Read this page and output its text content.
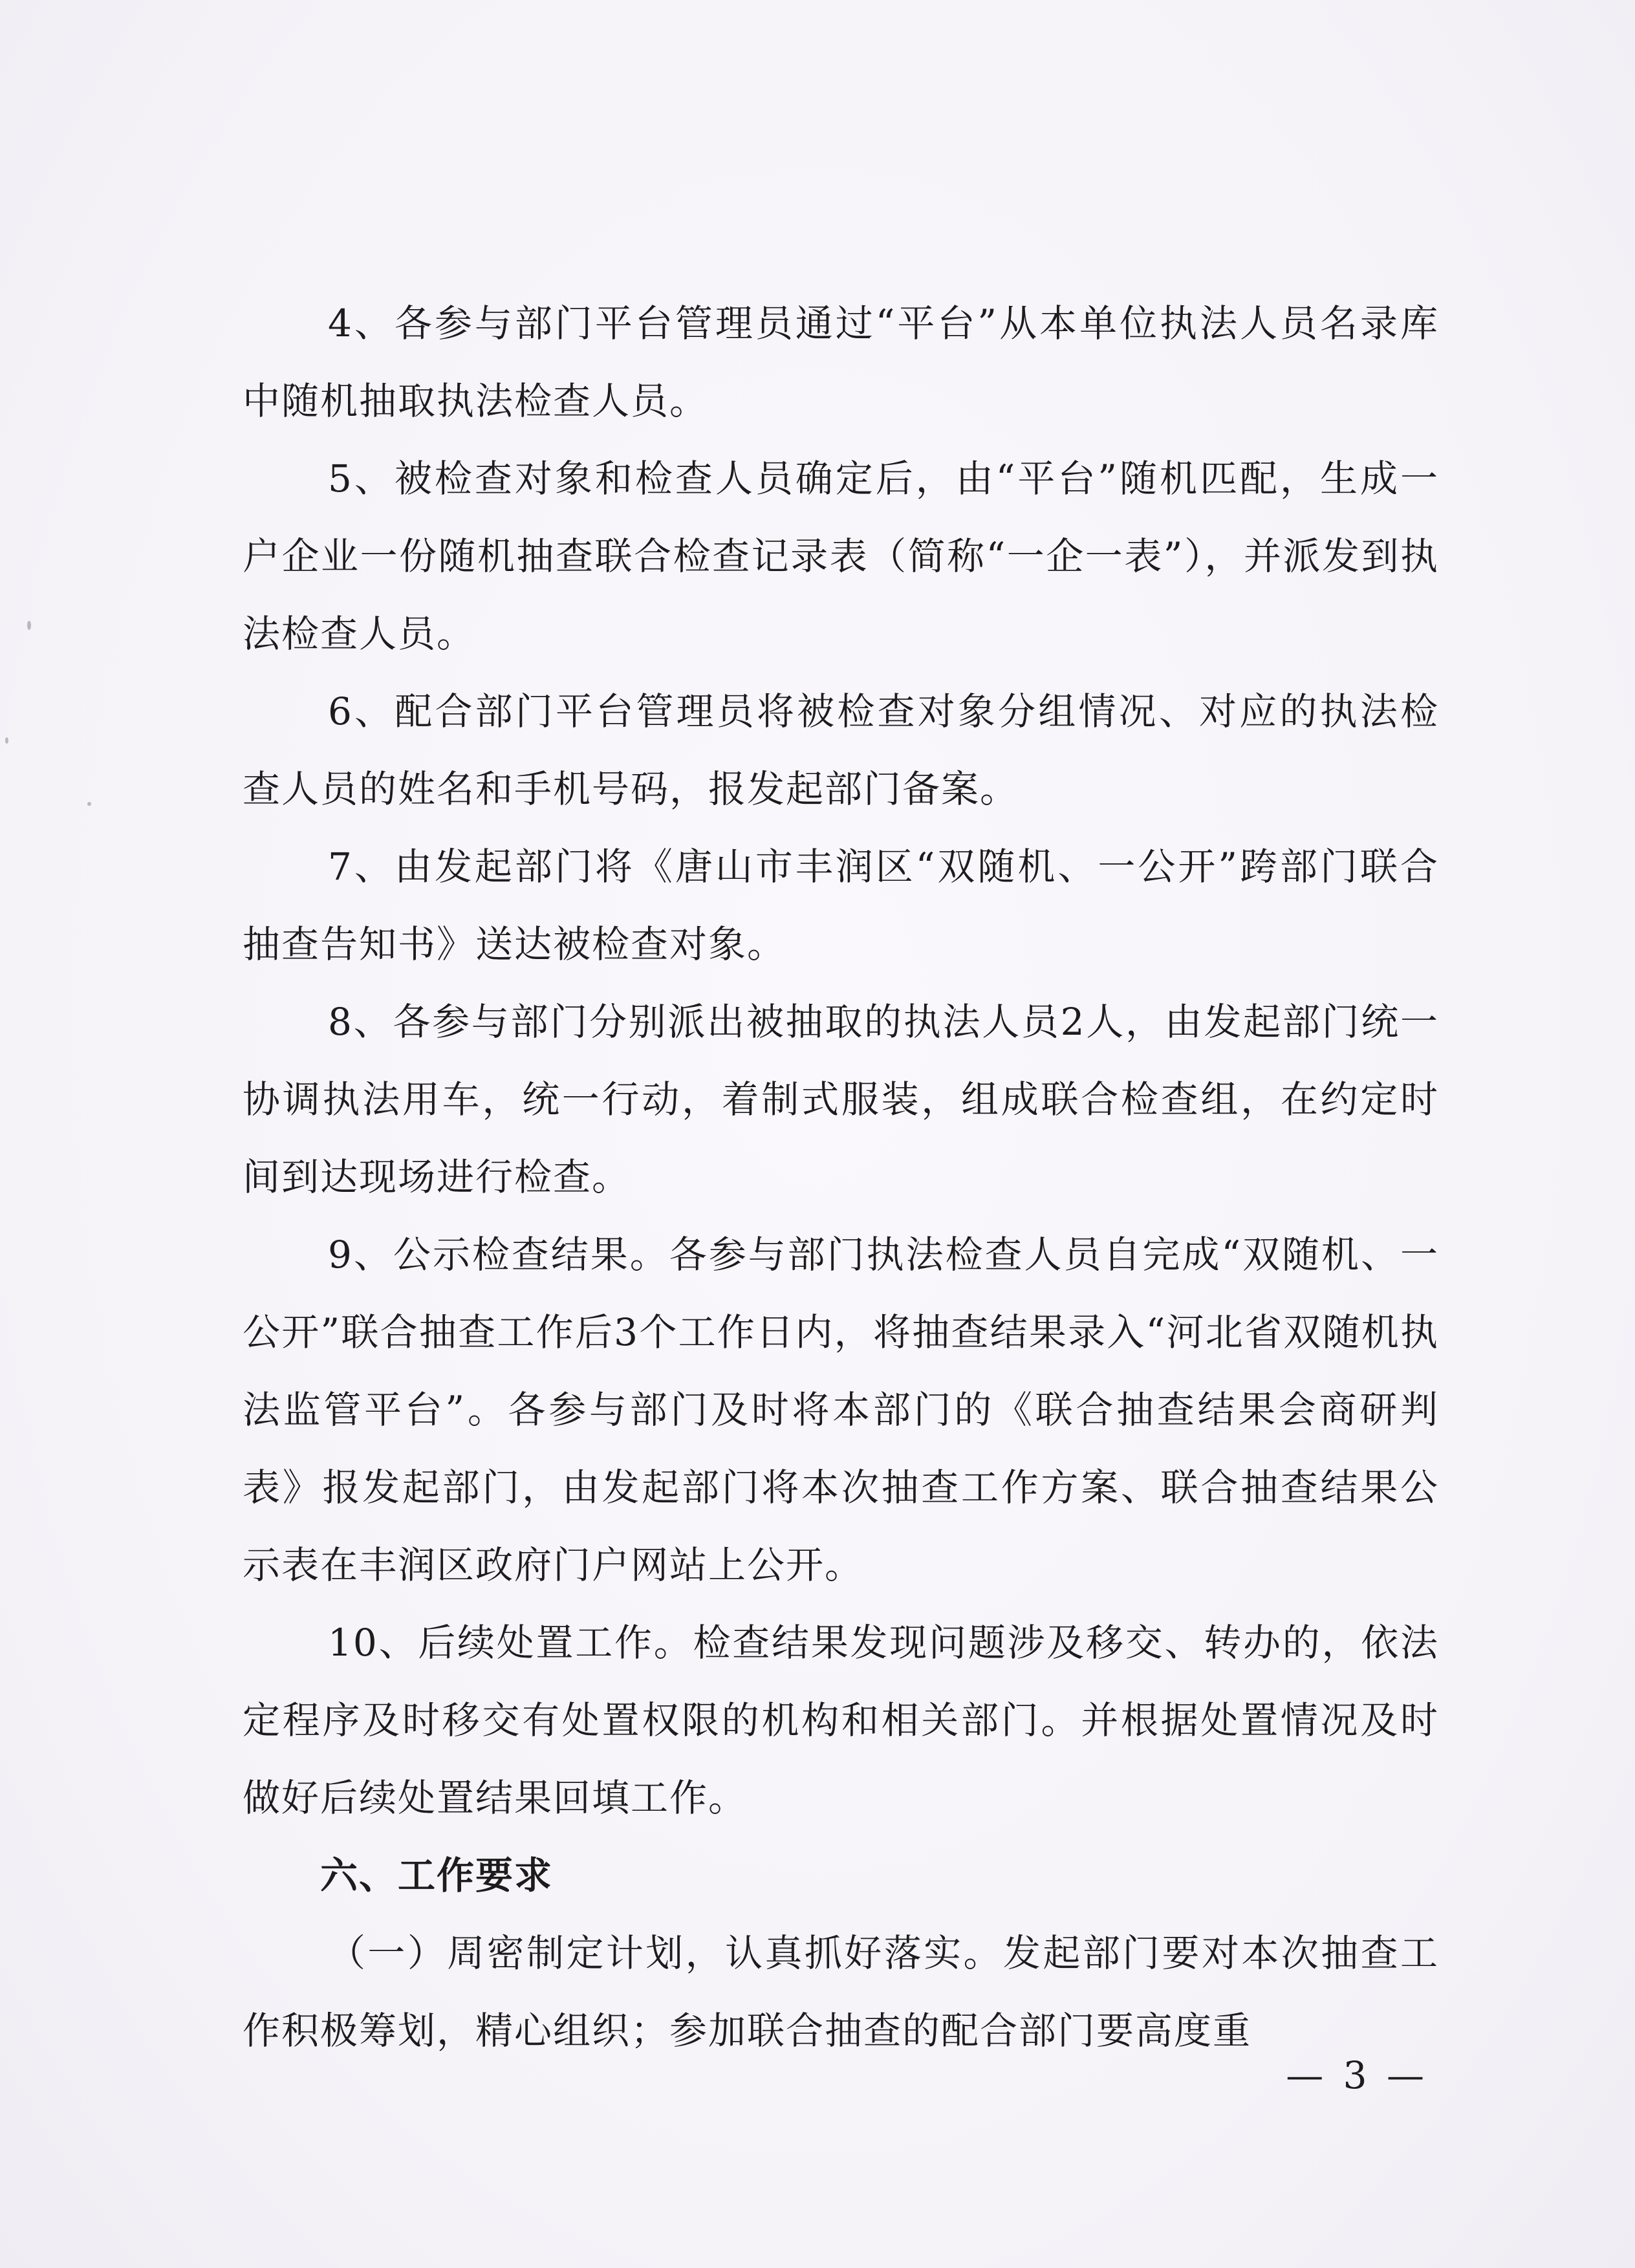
4、各参与部门平台管理员通过“平台”从本单位执法人员名录库中随机抽取执法检查人员。

5、被检查对象和检查人员确定后，由“平台”随机匹配，生成一户企业一份随机抽查联合检查记录表（简称“一企一表”），并派发到执法检查人员。

6、配合部门平台管理员将被检查对象分组情况、对应的执法检查人员的姓名和手机号码，报发起部门备案。

7、由发起部门将《唐山市丰润区“双随机、一公开”跨部门联合抽查告知书》送达被检查对象。

8、各参与部门分别派出被抽取的执法人员2人，由发起部门统一协调执法用车，统一行动，着制式服装，组成联合检查组，在约定时间到达现场进行检查。

9、公示检查结果。各参与部门执法检查人员自完成“双随机、一公开”联合抽查工作后3个工作日内，将抽查结果录入“河北省双随机执法监管平台”。各参与部门及时将本部门的《联合抽查结果会商研判表》报发起部门，由发起部门将本次抽查工作方案、联合抽查结果公示表在丰润区政府门户网站上公开。

10、后续处置工作。检查结果发现问题涉及移交、转办的，依法定程序及时移交有处置权限的机构和相关部门。并根据处置情况及时做好后续处置结果回填工作。

六、工作要求

（一）周密制定计划，认真抓好落实。发起部门要对本次抽查工作积极筹划，精心组织；参加联合抽查的配合部门要高度重

— 3 —
